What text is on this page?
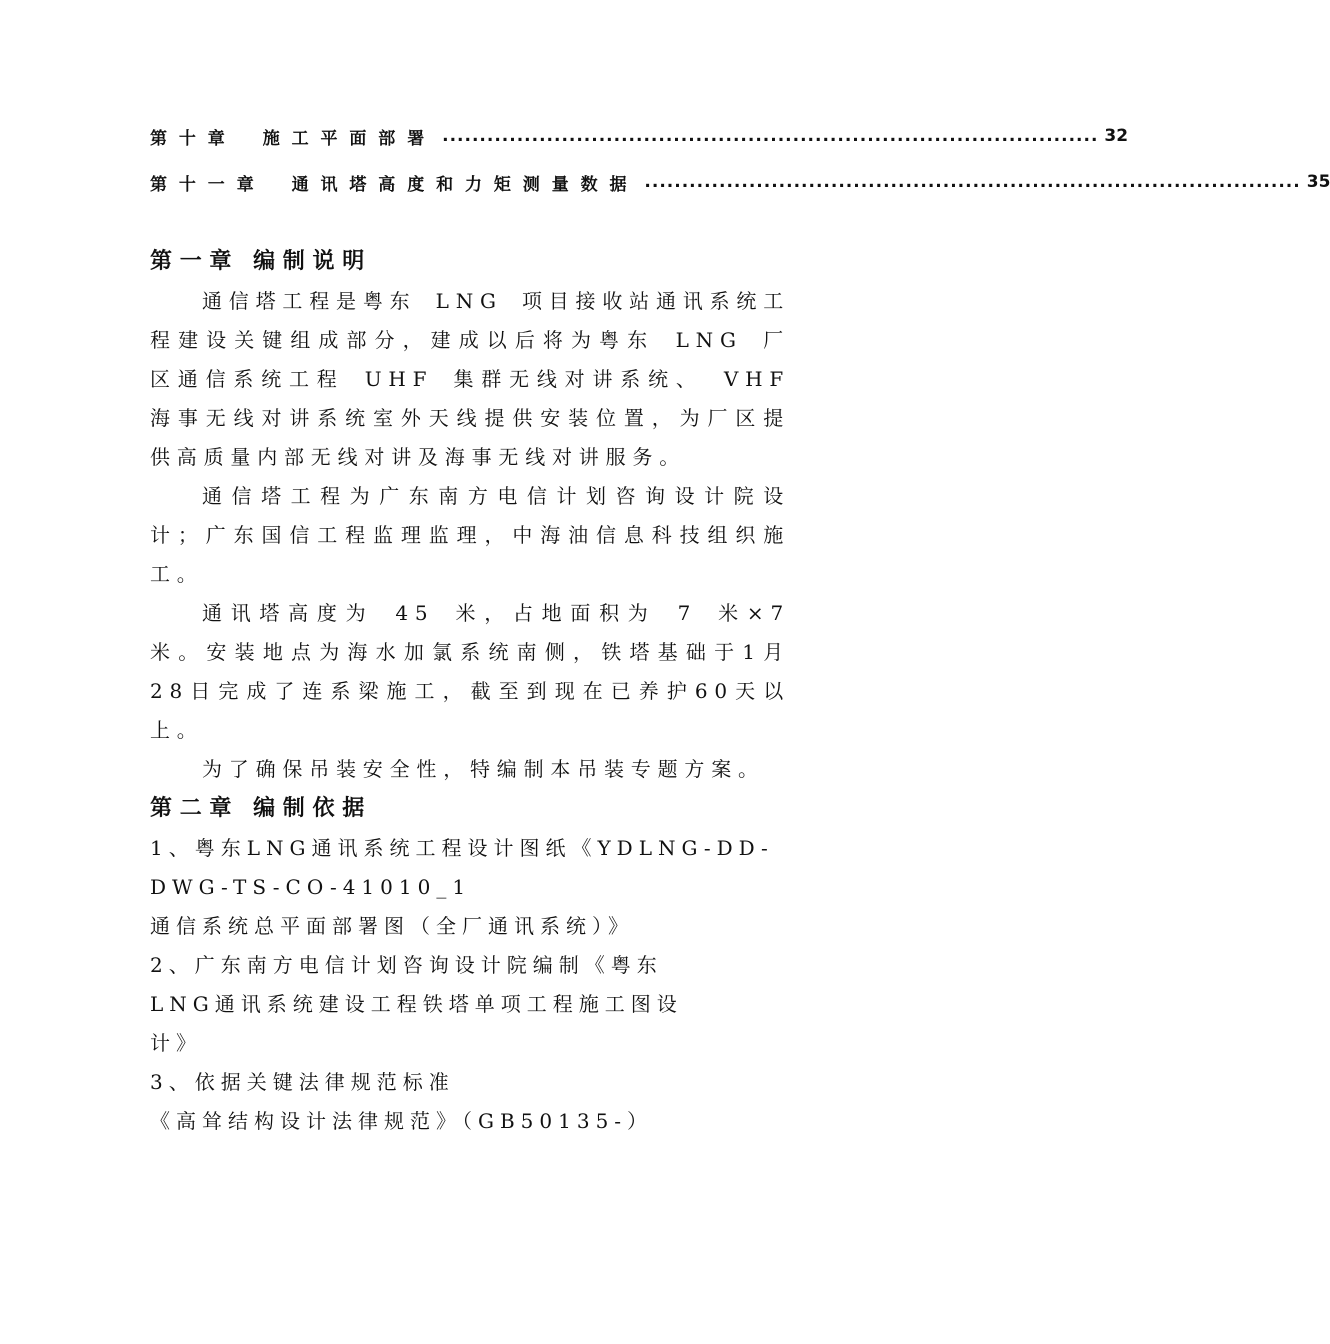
第十章 施工平面部署 ........................................................................................ 32
第十一章 通讯塔高度和力矩测量数据 ........................................................................................ 35
第一章 编制说明

通信塔工程是粤东 LNG 项目接收站通讯系统工程建设关键组成部分，建成以后将为粤东 LNG 厂区通信系统工程 UHF 集群无线对讲系统、 VHF 海事无线对讲系统室外天线提供安装位置，为厂区提供高质量内部无线对讲及海事无线对讲服务。

通信塔工程为广东南方电信计划咨询设计院设计；广东国信工程监理监理，中海油信息科技组织施工。

通讯塔高度为 45 米，占地面积为 7 米×7 米。安装地点为海水加氯系统南侧，铁塔基础于1月 28日完成了连系梁施工，截至到现在已养护60天以上。

为了确保吊装安全性，特编制本吊装专题方案。

第二章 编制依据

1、粤东LNG通讯系统工程设计图纸《YDLNG-DD-

DWG-TS-CO-41010_1

通信系统总平面部署图（全厂通讯系统）》

2、广东南方电信计划咨询设计院编制《粤东

LNG通讯系统建设工程铁塔单项工程施工图设

计》

3、依据关键法律规范标准

《高耸结构设计法律规范》（GB50135-）
